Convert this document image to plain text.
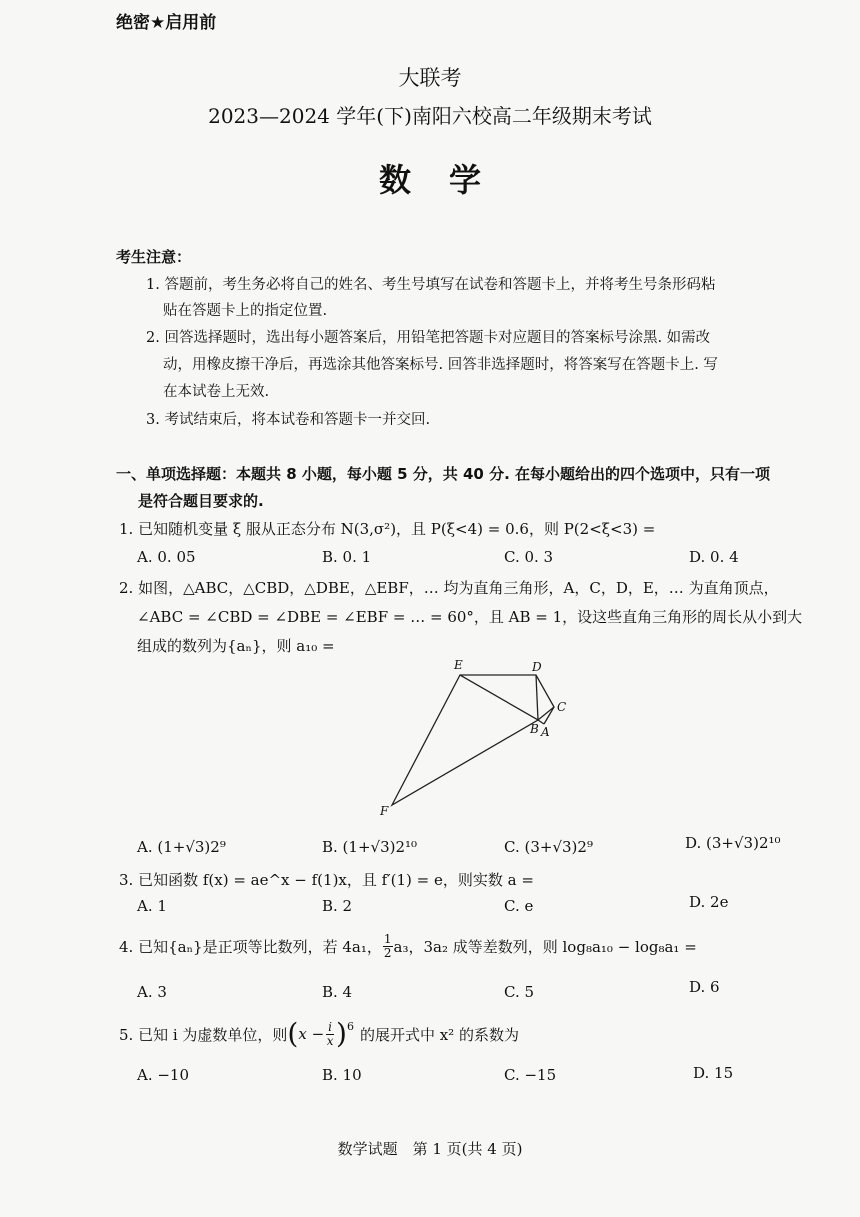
绝密★启用前
大联考
2023—2024 学年(下)南阳六校高二年级期末考试
数学
考生注意：
1. 答题前，考生务必将自己的姓名、考生号填写在试卷和答题卡上，并将考生号条形码粘
贴在答题卡上的指定位置.
2. 回答选择题时，选出每小题答案后，用铅笔把答题卡对应题目的答案标号涂黑. 如需改
动，用橡皮擦干净后，再选涂其他答案标号. 回答非选择题时，将答案写在答题卡上. 写
在本试卷上无效.
3. 考试结束后，将本试卷和答题卡一并交回.
一、单项选择题：本题共 8 小题，每小题 5 分，共 40 分. 在每小题给出的四个选项中，只有一项
是符合题目要求的.
1. 已知随机变量 ξ 服从正态分布 N(3,σ²)，且 P(ξ<4) = 0.6，则 P(2<ξ<3) =
A. 0. 05	B. 0. 1	C. 0. 3	D. 0. 4
2. 如图，△ABC，△CBD，△DBE，△EBF，… 均为直角三角形，A，C，D，E，… 为直角顶点，
∠ABC = ∠CBD = ∠DBE = ∠EBF = … = 60°，且 AB = 1，设这些直角三角形的周长从小到大
组成的数列为{aₙ}，则 a₁₀ =
E	D
C
B A
F
A. (1+√3)2⁹	B. (1+√3)2¹⁰	C. (3+√3)2⁹	D. (3+√3)2¹⁰
3. 已知函数 f(x) = ae^x − f(1)x，且 f′(1) = e，则实数 a =
A. 1	B. 2	C. e	D. 2e
4. 已知{aₙ}是正项等比数列，若 4a₁， $\frac{1}{2} a_3$，3a₂ 成等差数列，则 log₈a₁₀ − log₈a₁ =
A. 3	B. 4	C. 5	D. 6
5. 已知 i 为虚数单位，则 ( $x - \frac{i}{x}$ ) 6 的展开式中 x² 的系数为
A. −10	B. 10	C. −15	D. 15
数学试题　第 1 页(共 4 页)
